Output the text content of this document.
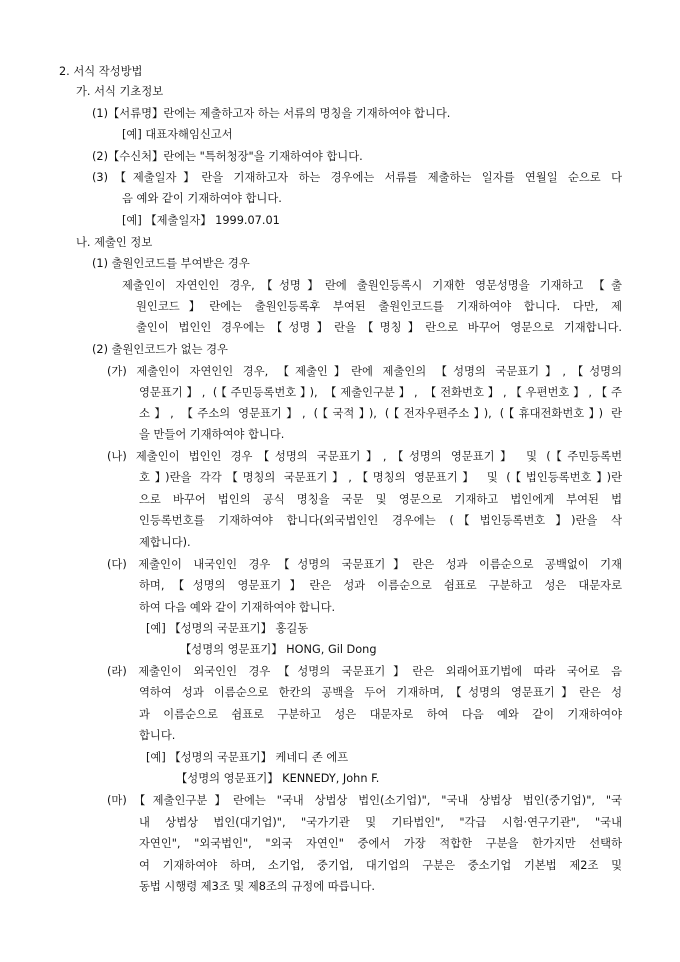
2. 서식 작성방법
가. 서식 기초정보
(1)【서류명】란에는 제출하고자 하는 서류의 명칭을 기재하여야 합니다.
[예] 대표자해임신고서
(2)【수신처】란에는 "특허청장"을 기재하여야 합니다.
(3)【제출일자】란을 기재하고자 하는 경우에는 서류를 제출하는 일자를 연월일 순으로 다
음 예와 같이 기재하여야 합니다.
[예] 【제출일자】 1999.07.01
나. 제출인 정보
(1) 출원인코드를 부여받은 경우
제출인이 자연인인 경우,【성명】란에 출원인등록시 기재한 영문성명을 기재하고 【출
원인코드】란에는 출원인등록후 부여된 출원인코드를 기재하여야 합니다. 다만, 제
출인이 법인인 경우에는【성명】란을【명칭】란으로 바꾸어 영문으로 기재합니다.
(2) 출원인코드가 없는 경우
(가) 제출인이 자연인인 경우, 【제출인】란에 제출인의 【성명의 국문표기】,【성명의
영문표기】, (【주민등록번호】), 【제출인구분】, 【전화번호】,【우편번호】,【주
소】, 【주소의 영문표기】, (【국적】), (【전자우편주소】), (【휴대전화번호】) 란
을 만들어 기재하여야 합니다.
(나) 제출인이 법인인 경우【성명의 국문표기】,【성명의 영문표기】 및 (【주민등록번
호】)란을 각각【명칭의 국문표기】,【명칭의 영문표기】 및 (【법인등록번호】)란
으로 바꾸어 법인의 공식 명칭을 국문 및 영문으로 기재하고 법인에게 부여된 법
인등록번호를 기재하여야 합니다(외국법인인 경우에는 (【법인등록번호】)란을 삭
제합니다).
(다) 제출인이 내국인인 경우【성명의 국문표기】란은 성과 이름순으로 공백없이 기재
하며,【성명의 영문표기】란은 성과 이름순으로 쉼표로 구분하고 성은 대문자로
하여 다음 예와 같이 기재하여야 합니다.
[예] 【성명의 국문표기】 홍길동
【성명의 영문표기】 HONG, Gil Dong
(라) 제출인이 외국인인 경우【성명의 국문표기】란은 외래어표기법에 따라 국어로 음
역하여 성과 이름순으로 한칸의 공백을 두어 기재하며,【성명의 영문표기】란은 성
과 이름순으로 쉼표로 구분하고 성은 대문자로 하여 다음 예와 같이 기재하여야
합니다.
[예] 【성명의 국문표기】 케네디 존 에프
【성명의 영문표기】 KENNEDY, John F.
(마)【제출인구분】란에는 "국내 상법상 법인(소기업)", "국내 상법상 법인(중기업)", "국
내 상법상 법인(대기업)", "국가기관 및 기타법인", "각급 시험·연구기관", "국내
자연인", "외국법인", "외국 자연인" 중에서 가장 적합한 구분을 한가지만 선택하
여 기재하여야 하며, 소기업, 중기업, 대기업의 구분은 중소기업 기본법 제2조 및
동법 시행령 제3조 및 제8조의 규정에 따릅니다.
